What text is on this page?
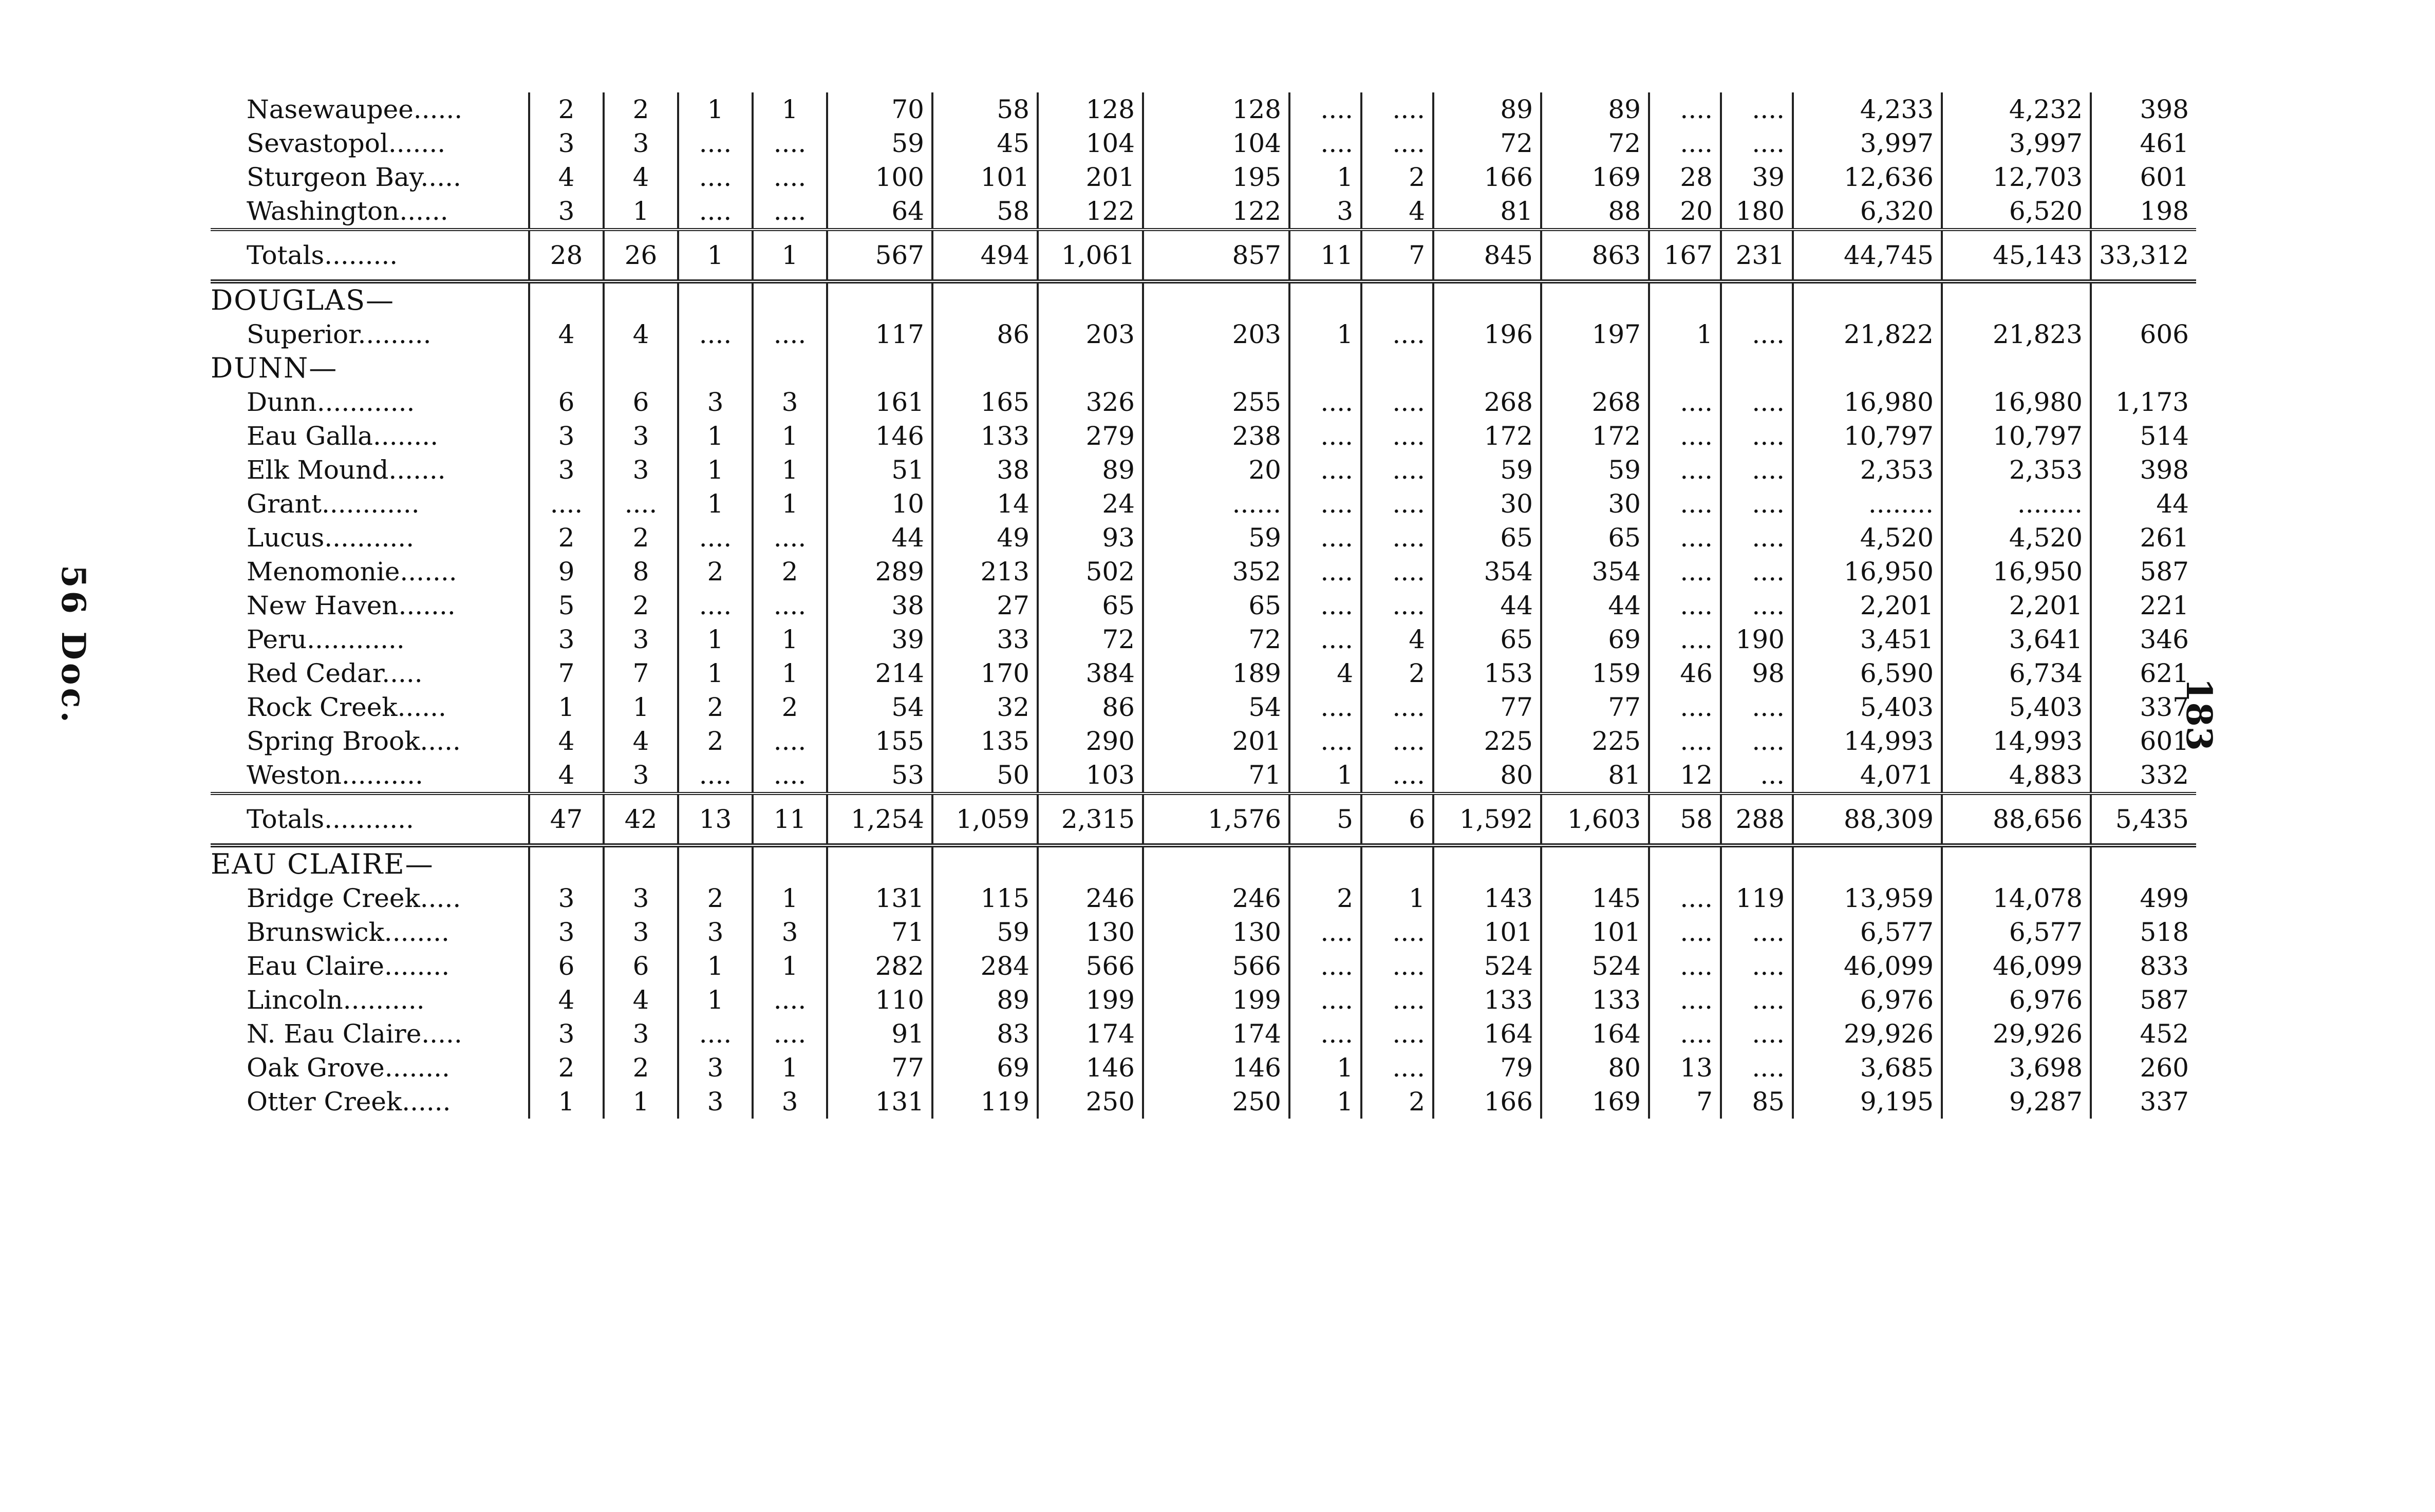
56 Doc.	183
Nasewaupee......	2	2	1	1	70	58	128	128	....	....	89	89	....	....	4,233	4,232	398
Sevastopol.......	3	3	....	....	59	45	104	104	....	....	72	72	....	....	3,997	3,997	461
Sturgeon Bay.....	4	4	....	....	100	101	201	195	1	2	166	169	28	39	12,636	12,703	601
Washington......	3	1	....	....	64	58	122	122	3	4	81	88	20	180	6,320	6,520	198
Totals.........	28	26	1	1	567	494	1,061	857	11	7	845	863	167	231	44,745	45,143	33,312
DOUGLAS—																	
Superior.........	4	4	....	....	117	86	203	203	1	....	196	197	1	....	21,822	21,823	606
DUNN—																	
Dunn............	6	6	3	3	161	165	326	255	....	....	268	268	....	....	16,980	16,980	1,173
Eau Galla........	3	3	1	1	146	133	279	238	....	....	172	172	....	....	10,797	10,797	514
Elk Mound.......	3	3	1	1	51	38	89	20	....	....	59	59	....	....	2,353	2,353	398
Grant............	....	....	1	1	10	14	24	......	....	....	30	30	....	....	........	........	44
Lucus...........	2	2	....	....	44	49	93	59	....	....	65	65	....	....	4,520	4,520	261
Menomonie.......	9	8	2	2	289	213	502	352	....	....	354	354	....	....	16,950	16,950	587
New Haven.......	5	2	....	....	38	27	65	65	....	....	44	44	....	....	2,201	2,201	221
Peru............	3	3	1	1	39	33	72	72	....	4	65	69	....	190	3,451	3,641	346
Red Cedar.....	7	7	1	1	214	170	384	189	4	2	153	159	46	98	6,590	6,734	621
Rock Creek......	1	1	2	2	54	32	86	54	....	....	77	77	....	....	5,403	5,403	337
Spring Brook.....	4	4	2	....	155	135	290	201	....	....	225	225	....	....	14,993	14,993	601
Weston..........	4	3	....	....	53	50	103	71	1	....	80	81	12	...	4,071	4,883	332
Totals...........	47	42	13	11	1,254	1,059	2,315	1,576	5	6	1,592	1,603	58	288	88,309	88,656	5,435
EAU CLAIRE—																	
Bridge Creek.....	3	3	2	1	131	115	246	246	2	1	143	145	....	119	13,959	14,078	499
Brunswick........	3	3	3	3	71	59	130	130	....	....	101	101	....	....	6,577	6,577	518
Eau Claire........	6	6	1	1	282	284	566	566	....	....	524	524	....	....	46,099	46,099	833
Lincoln..........	4	4	1	....	110	89	199	199	....	....	133	133	....	....	6,976	6,976	587
N. Eau Claire.....	3	3	....	....	91	83	174	174	....	....	164	164	....	....	29,926	29,926	452
Oak Grove........	2	2	3	1	77	69	146	146	1	....	79	80	13	....	3,685	3,698	260
Otter Creek......	1	1	3	3	131	119	250	250	1	2	166	169	7	85	9,195	9,287	337
